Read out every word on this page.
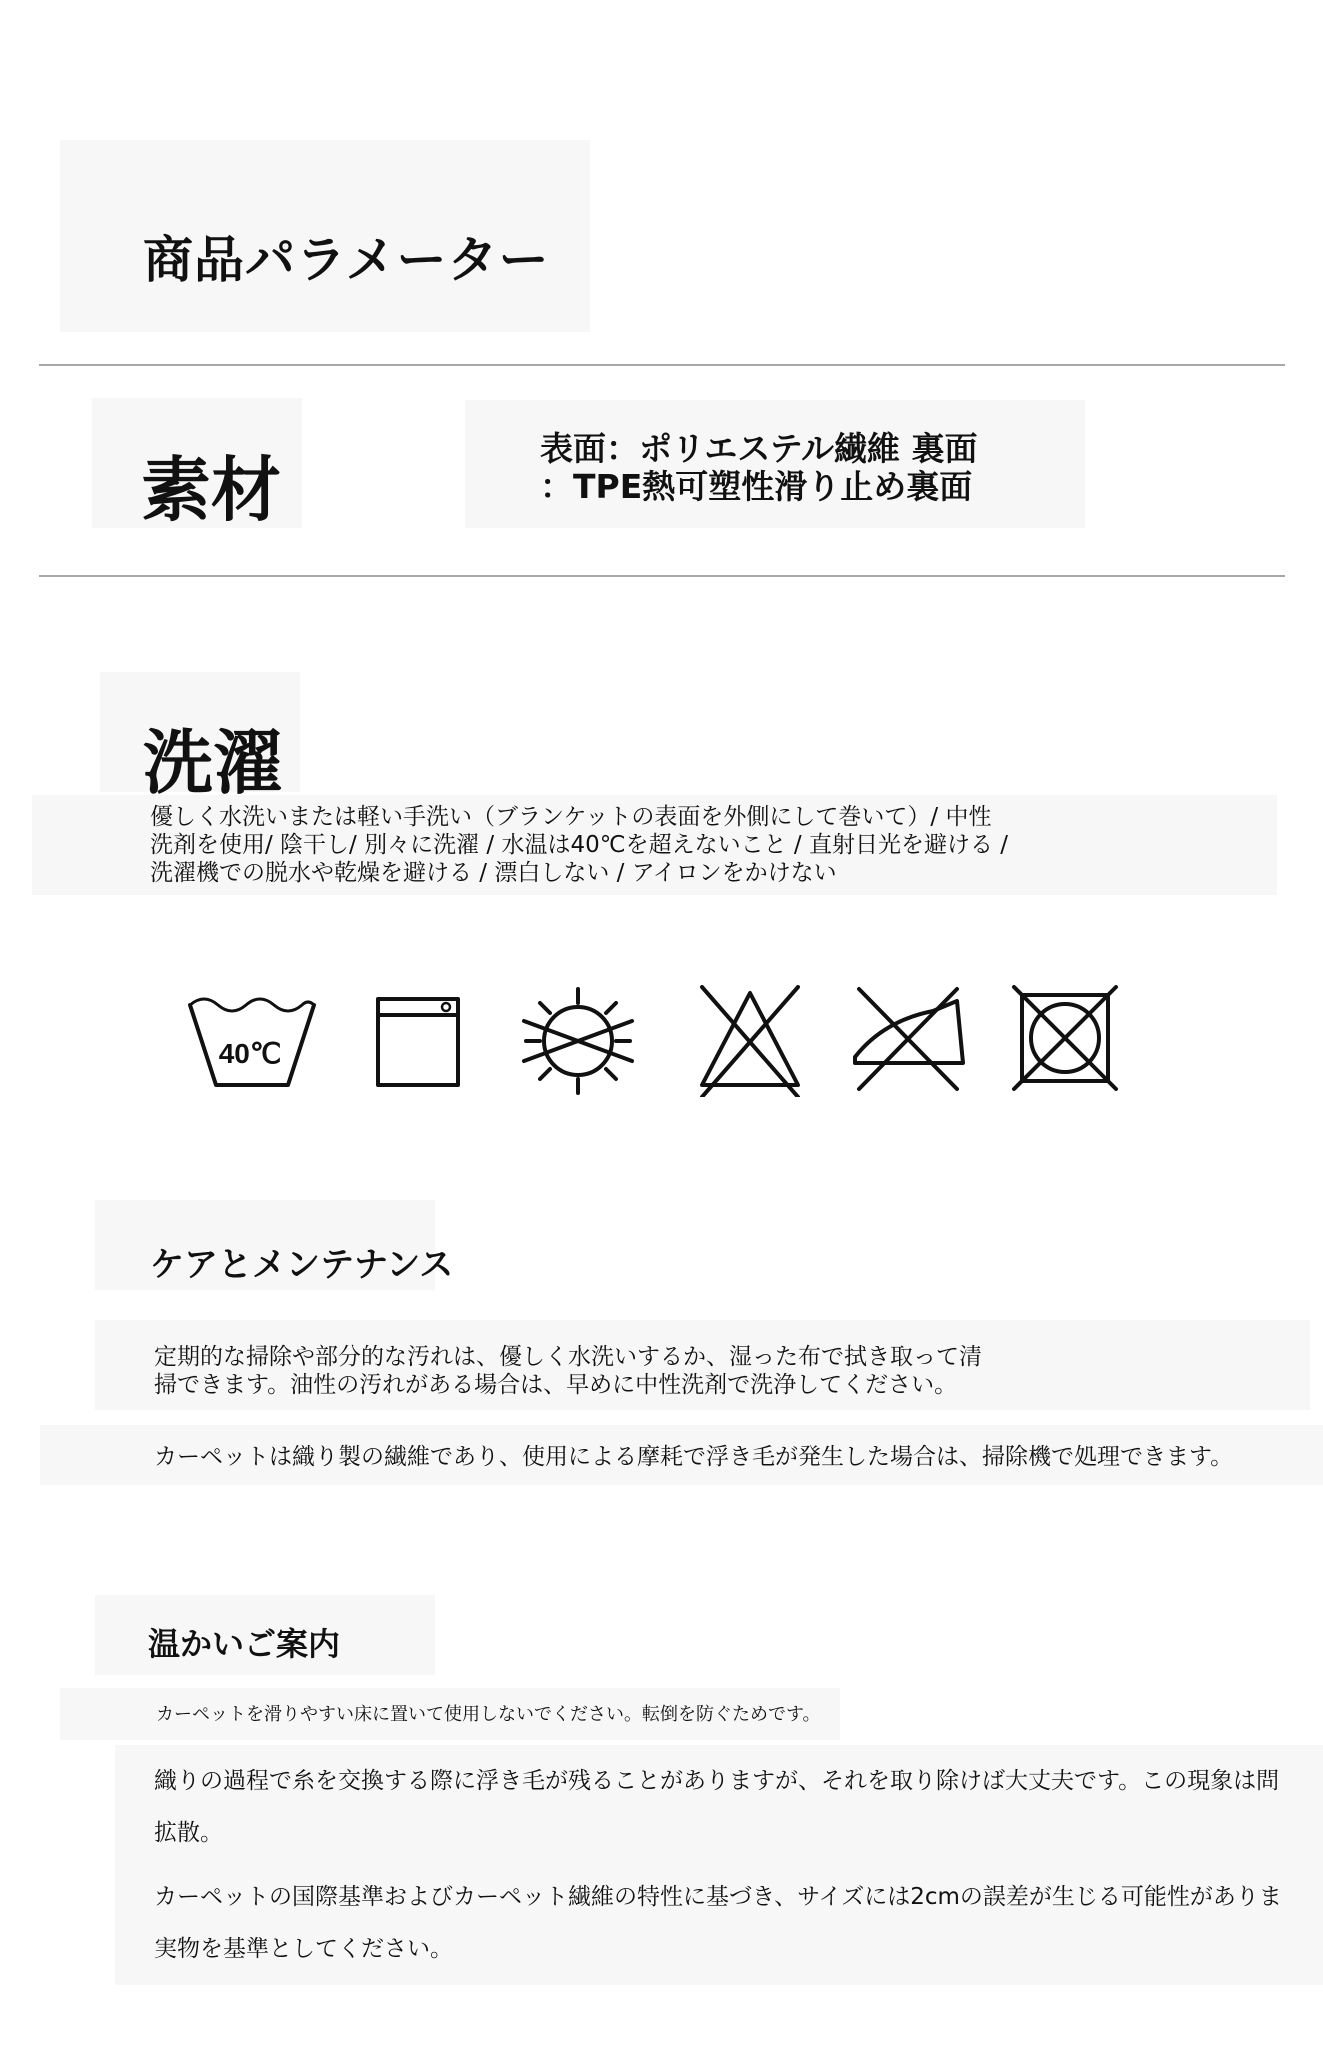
商品パラメーター
素材
表面：ポリエステル繊維 裏面
：TPE熱可塑性滑り止め裏面
洗濯
優しく水洗いまたは軽い手洗い（ブランケットの表面を外側にして巻いて）/ 中性
洗剤を使用/ 陰干し/ 別々に洗濯 / 水温は40℃を超えないこと / 直射日光を避ける /
洗濯機での脱水や乾燥を避ける / 漂白しない / アイロンをかけない
40℃
ケアとメンテナンス
定期的な掃除や部分的な汚れは、優しく水洗いするか、湿った布で拭き取って清
掃できます。油性の汚れがある場合は、早めに中性洗剤で洗浄してください。
カーペットは織り製の繊維であり、使用による摩耗で浮き毛が発生した場合は、掃除機で処理できます。
温かいご案内
カーペットを滑りやすい床に置いて使用しないでください。転倒を防ぐためです。
織りの過程で糸を交換する際に浮き毛が残ることがありますが、それを取り除けば大丈夫です。この現象は問
拡散。
カーペットの国際基準およびカーペット繊維の特性に基づき、サイズには2cmの誤差が生じる可能性がありま
実物を基準としてください。
